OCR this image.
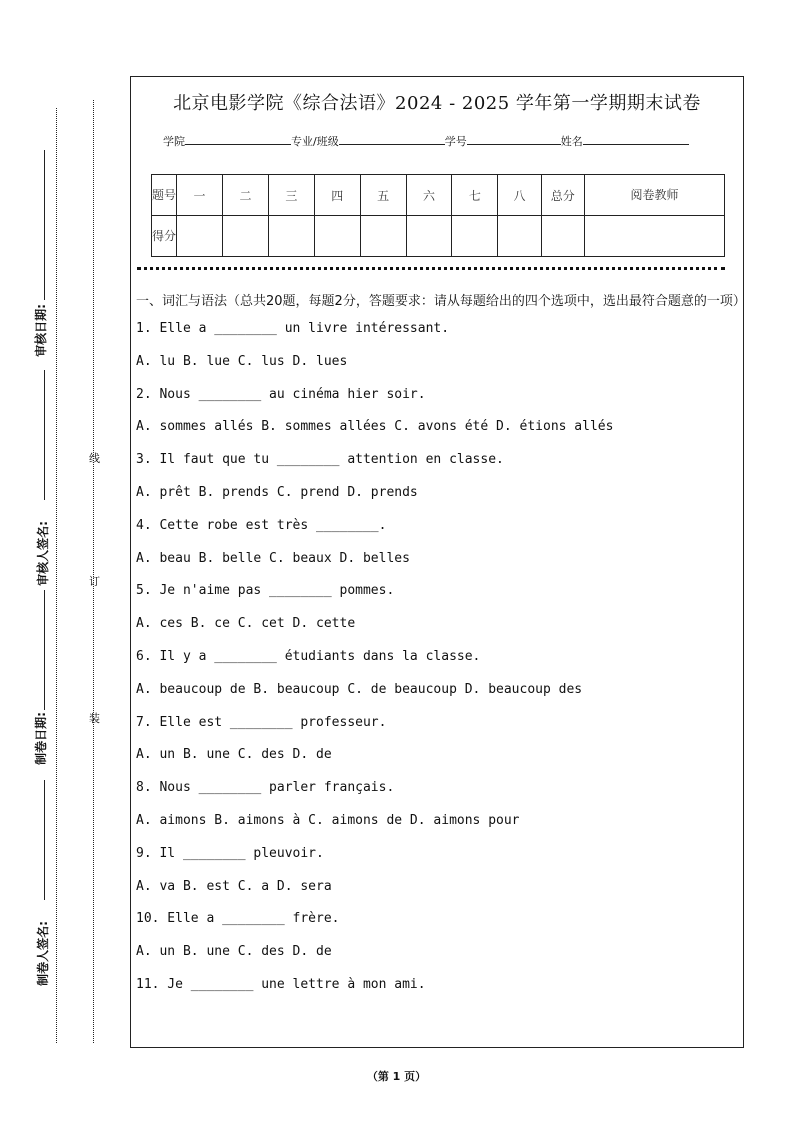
审核日期:
审核人签名:
制卷日期:
制卷人签名:
线
订
装
北京电影学院《综合法语》2024 - 2025 学年第一学期期末试卷
学院	专业/班级	学号	姓名
题号	一	二	三	四	五	六	七	八	总分	阅卷教师
得分										
一、词汇与语法（总共20题，每题2分，答题要求：请从每题给出的四个选项中，选出最符合题意的一项）
1. Elle a ________ un livre intéressant.
A. lu B. lue C. lus D. lues
2. Nous ________ au cinéma hier soir.
A. sommes allés B. sommes allées C. avons été D. étions allés
3. Il faut que tu ________ attention en classe.
A. prêt B. prends C. prend D. prends
4. Cette robe est très ________.
A. beau B. belle C. beaux D. belles
5. Je n'aime pas ________ pommes.
A. ces B. ce C. cet D. cette
6. Il y a ________ étudiants dans la classe.
A. beaucoup de B. beaucoup C. de beaucoup D. beaucoup des
7. Elle est ________ professeur.
A. un B. une C. des D. de
8. Nous ________ parler français.
A. aimons B. aimons à C. aimons de D. aimons pour
9. Il ________ pleuvoir.
A. va B. est C. a D. sera
10. Elle a ________ frère.
A. un B. une C. des D. de
11. Je ________ une lettre à mon ami.
（第 1 页）
